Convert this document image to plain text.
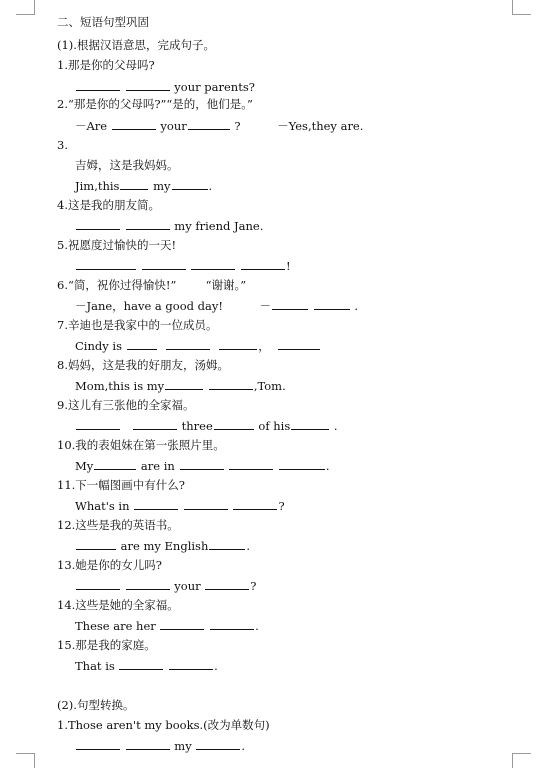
二、短语句型巩固
(1).根据汉语意思，完成句子。
1.那是你的父母吗?
your parents?
2.“那是你的父母吗?”“是的，他们是。”
－Are	your	?	－Yes,they are.
3.
吉姆，这是我妈妈。
Jim,this	my	.
4.这是我的朋友简。
my friend Jane.
5.祝愿度过愉快的一天!
!
6.“简，祝你过得愉快!”        “谢谢。”
－Jane，have a good day!	－	.
7.辛迪也是我家中的一位成员。
Cindy is	，
8.妈妈，这是我的好朋友，汤姆。
Mom,this is my	,Tom.
9.这儿有三张他的全家福。
three	of his	.
10.我的表姐妹在第一张照片里。
My	are in	.
11.下一幅图画中有什么?
What's in	?
12.这些是我的英语书。
are my English	.
13.她是你的女儿吗?
your	?
14.这些是她的全家福。
These are her	.
15.那是我的家庭。
That is	.
(2).句型转换。
1.Those aren't my books.(改为单数句)
my	.
